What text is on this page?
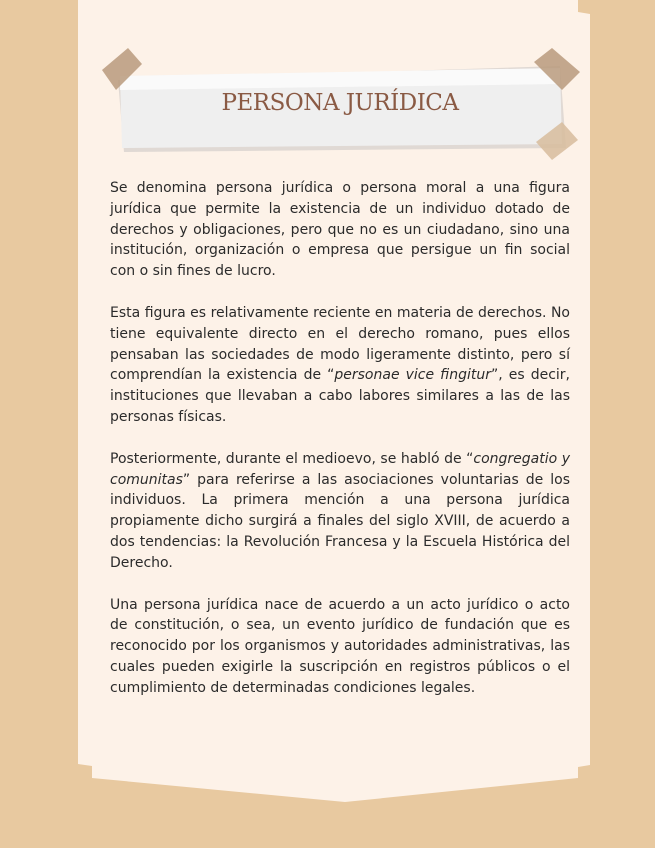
PERSONA JURÍDICA

Se denomina persona jurídica o persona moral a una figura jurídica que permite la existencia de un individuo dotado de derechos y obligaciones, pero que no es un ciudadano, sino una institución, organización o empresa que persigue un fin social con o sin fines de lucro.

Esta figura es relativamente reciente en materia de derechos. No tiene equivalente directo en el derecho romano, pues ellos pensaban las sociedades de modo ligeramente distinto, pero sí comprendían la existencia de “personae vice fingitur”, es decir, instituciones que llevaban a cabo labores similares a las de las personas físicas.

Posteriormente, durante el medioevo, se habló de “congregatio y comunitas” para referirse a las asociaciones voluntarias de los individuos. La primera mención a una persona jurídica propiamente dicho surgirá a finales del siglo XVIII, de acuerdo a dos tendencias: la Revolución Francesa y la Escuela Histórica del Derecho.

Una persona jurídica nace de acuerdo a un acto jurídico o acto de constitución, o sea, un evento jurídico de fundación que es reconocido por los organismos y autoridades administrativas, las cuales pueden exigirle la suscripción en registros públicos o el cumplimiento de determinadas condiciones legales.
